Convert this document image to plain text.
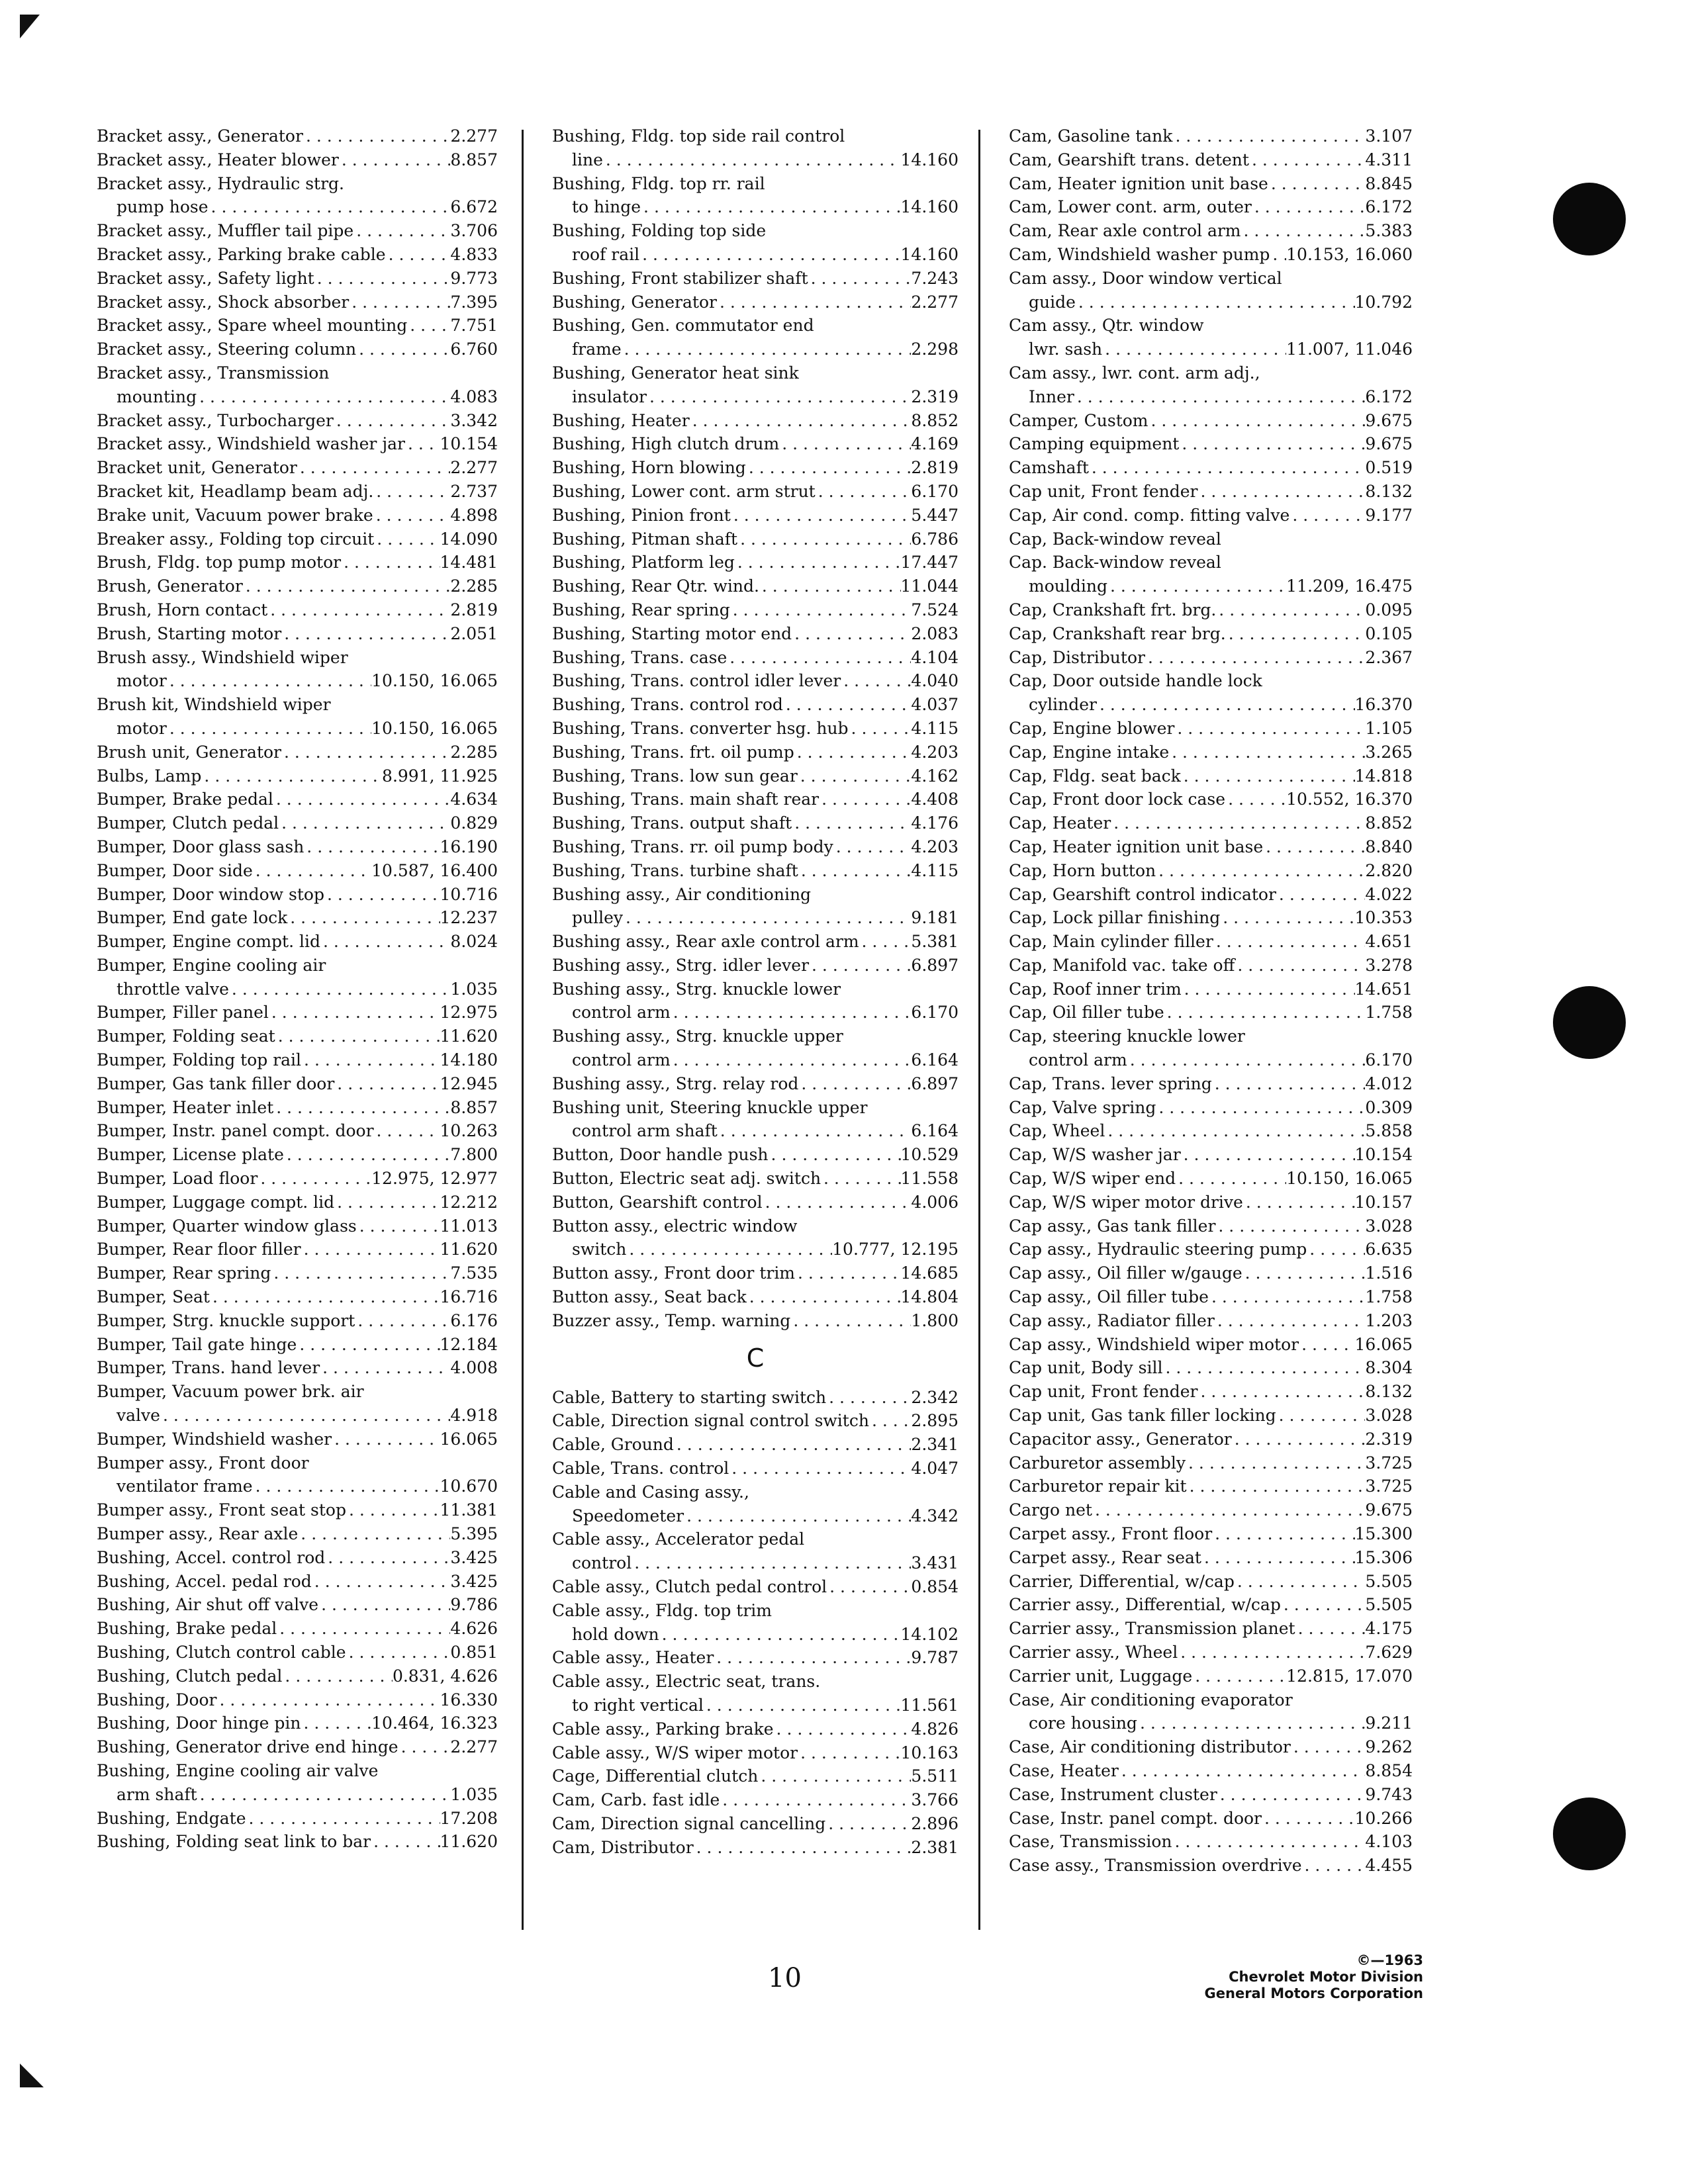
Bracket assy., Generator . . .	2.277
Bracket assy., Heater blower . . .	8.857
Bracket assy., Hydraulic strg.
pump hose . . .	6.672
Bracket assy., Muffler tail pipe . . .	3.706
Bracket assy., Parking brake cable . . .	4.833
Bracket assy., Safety light . . .	9.773
Bracket assy., Shock absorber . . .	7.395
Bracket assy., Spare wheel mounting . . .	7.751
Bracket assy., Steering column . . .	6.760
Bracket assy., Transmission
mounting . . .	4.083
Bracket assy., Turbocharger . . .	3.342
Bracket assy., Windshield washer jar . . . 10.154
Bracket unit, Generator . . .	2.277
Bracket kit, Headlamp beam adj. . . .	2.737
Brake unit, Vacuum power brake . . .	4.898
Breaker assy., Folding top circuit . . .	14.090
Brush, Fldg. top pump motor . . .	14.481
Brush, Generator . . .	2.285
Brush, Horn contact . . .	2.819
Brush, Starting motor . . .	2.051
Brush assy., Windshield wiper
motor . . .	10.150, 16.065
Brush kit, Windshield wiper
motor . . .	10.150, 16.065
Brush unit, Generator . . .	2.285
Bulbs, Lamp . . .	8.991, 11.925
Bumper, Brake pedal . . .	4.634
Bumper, Clutch pedal . . .	0.829
Bumper, Door glass sash . . .	16.190
Bumper, Door side . . .	10.587, 16.400
Bumper, Door window stop . . .	10.716
Bumper, End gate lock . . .	12.237
Bumper, Engine compt. lid . . .	8.024
Bumper, Engine cooling air
throttle valve . . .	1.035
Bumper, Filler panel . . .	12.975
Bumper, Folding seat . . .	11.620
Bumper, Folding top rail . . .	14.180
Bumper, Gas tank filler door . . .	12.945
Bumper, Heater inlet . . .	8.857
Bumper, Instr. panel compt. door . . .	10.263
Bumper, License plate . . .	7.800
Bumper, Load floor . . .	12.975, 12.977
Bumper, Luggage compt. lid . . .	12.212
Bumper, Quarter window glass . . .	11.013
Bumper, Rear floor filler . . .	11.620
Bumper, Rear spring . . .	7.535
Bumper, Seat . . .	16.716
Bumper, Strg. knuckle support . . .	6.176
Bumper, Tail gate hinge . . .	12.184
Bumper, Trans. hand lever . . .	4.008
Bumper, Vacuum power brk. air
valve . . .	4.918
Bumper, Windshield washer . . .	16.065
Bumper assy., Front door
ventilator frame . . .	10.670
Bumper assy., Front seat stop . . .	11.381
Bumper assy., Rear axle . . .	5.395
Bushing, Accel. control rod . . .	3.425
Bushing, Accel. pedal rod . . .	3.425
Bushing, Air shut off valve . . .	9.786
Bushing, Brake pedal . . .	4.626
Bushing, Clutch control cable . . .	0.851
Bushing, Clutch pedal . . .	0.831, 4.626
Bushing, Door . . .	16.330
Bushing, Door hinge pin . . .	10.464, 16.323
Bushing, Generator drive end hinge . . .	2.277
Bushing, Engine cooling air valve
arm shaft . . .	1.035
Bushing, Endgate . . .	17.208
Bushing, Folding seat link to bar . . .	11.620
Bushing, Fldg. top side rail control
line . . .	14.160
Bushing, Fldg. top rr. rail
to hinge . . .	14.160
Bushing, Folding top side
roof rail . . .	14.160
Bushing, Front stabilizer shaft . . .	7.243
Bushing, Generator . . .	2.277
Bushing, Gen. commutator end
frame . . .	2.298
Bushing, Generator heat sink
insulator . . .	2.319
Bushing, Heater . . .	8.852
Bushing, High clutch drum . . .	4.169
Bushing, Horn blowing . . .	2.819
Bushing, Lower cont. arm strut . . .	6.170
Bushing, Pinion front . . .	5.447
Bushing, Pitman shaft . . .	6.786
Bushing, Platform leg . . .	17.447
Bushing, Rear Qtr. wind. . . .	11.044
Bushing, Rear spring . . .	7.524
Bushing, Starting motor end . . .	2.083
Bushing, Trans. case . . .	4.104
Bushing, Trans. control idler lever . . .	4.040
Bushing, Trans. control rod . . .	4.037
Bushing, Trans. converter hsg. hub . . .	4.115
Bushing, Trans. frt. oil pump . . .	4.203
Bushing, Trans. low sun gear . . .	4.162
Bushing, Trans. main shaft rear . . .	4.408
Bushing, Trans. output shaft . . .	4.176
Bushing, Trans. rr. oil pump body . . .	4.203
Bushing, Trans. turbine shaft . . .	4.115
Bushing assy., Air conditioning
pulley . . .	9.181
Bushing assy., Rear axle control arm . . .	5.381
Bushing assy., Strg. idler lever . . .	6.897
Bushing assy., Strg. knuckle lower
control arm . . .	6.170
Bushing assy., Strg. knuckle upper
control arm . . .	6.164
Bushing assy., Strg. relay rod . . .	6.897
Bushing unit, Steering knuckle upper
control arm shaft . . .	6.164
Button, Door handle push . . .	10.529
Button, Electric seat adj. switch . . .	11.558
Button, Gearshift control . . .	4.006
Button assy., electric window
switch . . .	10.777, 12.195
Button assy., Front door trim . . .	14.685
Button assy., Seat back . . .	14.804
Buzzer assy., Temp. warning . . .	1.800
C
Cable, Battery to starting switch . . .	2.342
Cable, Direction signal control switch . . .	2.895
Cable, Ground . . .	2.341
Cable, Trans. control . . .	4.047
Cable and Casing assy.,
Speedometer . . .	4.342
Cable assy., Accelerator pedal
control . . .	3.431
Cable assy., Clutch pedal control . . .	0.854
Cable assy., Fldg. top trim
hold down . . .	14.102
Cable assy., Heater . . .	9.787
Cable assy., Electric seat, trans.
to right vertical . . .	11.561
Cable assy., Parking brake . . .	4.826
Cable assy., W/S wiper motor . . .	10.163
Cage, Differential clutch . . .	5.511
Cam, Carb. fast idle . . .	3.766
Cam, Direction signal cancelling . . .	2.896
Cam, Distributor . . .	2.381
Cam, Gasoline tank . . .	3.107
Cam, Gearshift trans. detent . . .	4.311
Cam, Heater ignition unit base . . .	8.845
Cam, Lower cont. arm, outer . . .	6.172
Cam, Rear axle control arm . . .	5.383
Cam, Windshield washer pump . . . 10.153, 16.060
Cam assy., Door window vertical
guide . . .	10.792
Cam assy., Qtr. window
lwr. sash . . .	11.007, 11.046
Cam assy., lwr. cont. arm adj.,
Inner . . .	6.172
Camper, Custom . . .	9.675
Camping equipment . . .	9.675
Camshaft . . .	0.519
Cap unit, Front fender . . .	8.132
Cap, Air cond. comp. fitting valve . . .	9.177
Cap, Back-window reveal
Cap. Back-window reveal
moulding . . .	11.209, 16.475
Cap, Crankshaft frt. brg. . . .	0.095
Cap, Crankshaft rear brg. . . .	0.105
Cap, Distributor . . .	2.367
Cap, Door outside handle lock
cylinder . . .	16.370
Cap, Engine blower . . .	1.105
Cap, Engine intake . . .	3.265
Cap, Fldg. seat back . . .	14.818
Cap, Front door lock case . . .	10.552, 16.370
Cap, Heater . . .	8.852
Cap, Heater ignition unit base . . .	8.840
Cap, Horn button . . .	2.820
Cap, Gearshift control indicator . . .	4.022
Cap, Lock pillar finishing . . .	10.353
Cap, Main cylinder filler . . .	4.651
Cap, Manifold vac. take off . . .	3.278
Cap, Roof inner trim . . .	14.651
Cap, Oil filler tube . . .	1.758
Cap, steering knuckle lower
control arm . . .	6.170
Cap, Trans. lever spring . . .	4.012
Cap, Valve spring . . .	0.309
Cap, Wheel . . .	5.858
Cap, W/S washer jar . . .	10.154
Cap, W/S wiper end . . .	10.150, 16.065
Cap, W/S wiper motor drive . . .	10.157
Cap assy., Gas tank filler . . .	3.028
Cap assy., Hydraulic steering pump . . .	6.635
Cap assy., Oil filler w/gauge . . .	1.516
Cap assy., Oil filler tube . . .	1.758
Cap assy., Radiator filler . . .	1.203
Cap assy., Windshield wiper motor . . .	16.065
Cap unit, Body sill . . .	8.304
Cap unit, Front fender . . .	8.132
Cap unit, Gas tank filler locking . . .	3.028
Capacitor assy., Generator . . .	2.319
Carburetor assembly . . .	3.725
Carburetor repair kit . . .	3.725
Cargo net . . .	9.675
Carpet assy., Front floor . . .	15.300
Carpet assy., Rear seat . . .	15.306
Carrier, Differential, w/cap . . .	5.505
Carrier assy., Differential, w/cap . . .	5.505
Carrier assy., Transmission planet . . .	4.175
Carrier assy., Wheel . . .	7.629
Carrier unit, Luggage . . .	12.815, 17.070
Case, Air conditioning evaporator
core housing . . .	9.211
Case, Air conditioning distributor . . .	9.262
Case, Heater . . .	8.854
Case, Instrument cluster . . .	9.743
Case, Instr. panel compt. door . . .	10.266
Case, Transmission . . .	4.103
Case assy., Transmission overdrive . . .	4.455
10
©—1963
Chevrolet Motor Division
General Motors Corporation
